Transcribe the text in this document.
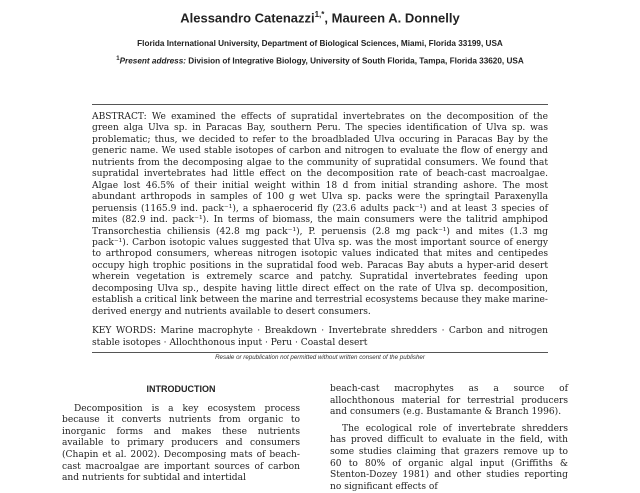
Alessandro Catenazzi$^{1,*}$, Maureen A. Donnelly
Florida International University, Department of Biological Sciences, Miami, Florida 33199, USA
$^1$Present address: Division of Integrative Biology, University of South Florida, Tampa, Florida 33620, USA

ABSTRACT: We examined the effects of supratidal invertebrates on the decomposition of the green alga Ulva sp. in Paracas Bay, southern Peru. The species identification of Ulva sp. was problematic; thus, we decided to refer to the broadbladed Ulva occuring in Paracas Bay by the generic name. We used stable isotopes of carbon and nitrogen to evaluate the flow of energy and nutrients from the decomposing algae to the community of supratidal consumers. We found that supratidal invertebrates had little effect on the decomposition rate of beach-cast macroalgae. Algae lost 46.5% of their initial weight within 18 d from initial stranding ashore. The most abundant arthropods in samples of 100 g wet Ulva sp. packs were the springtail Paraxenylla peruensis (1165.9 ind. pack⁻¹), a sphaerocerid fly (23.6 adults pack⁻¹) and at least 3 species of mites (82.9 ind. pack⁻¹). In terms of biomass, the main consumers were the talitrid amphipod Transorchestia chiliensis (42.8 mg pack⁻¹), P. peruensis (2.8 mg pack⁻¹) and mites (1.3 mg pack⁻¹). Carbon isotopic values suggested that Ulva sp. was the most important source of energy to arthropod consumers, whereas nitrogen isotopic values indicated that mites and centipedes occupy high trophic positions in the supratidal food web. Paracas Bay abuts a hyper-arid desert wherein vegetation is extremely scarce and patchy. Supratidal invertebrates feeding upon decomposing Ulva sp., despite having little direct effect on the rate of Ulva sp. decomposition, establish a critical link between the marine and terrestrial ecosystems because they make marine-derived energy and nutrients available to desert consumers.

KEY WORDS: Marine macrophyte · Breakdown · Invertebrate shredders · Carbon and nitrogen stable isotopes · Allochthonous input · Peru · Coastal desert

Resale or republication not permitted without written consent of the publisher

INTRODUCTION

Decomposition is a key ecosystem process because it converts nutrients from organic to inorganic forms and makes these nutrients available to primary producers and consumers (Chapin et al. 2002). Decomposing mats of beach-cast macroalgae are important sources of carbon and nutrients for subtidal and intertidal

beach-cast macrophytes as a source of allochthonous material for terrestrial producers and consumers (e.g. Bustamante & Branch 1996).

The ecological role of invertebrate shredders has proved difficult to evaluate in the field, with some studies claiming that grazers remove up to 60 to 80% of organic algal input (Griffiths & Stenton-Dozey 1981) and other studies reporting no significant effects of
